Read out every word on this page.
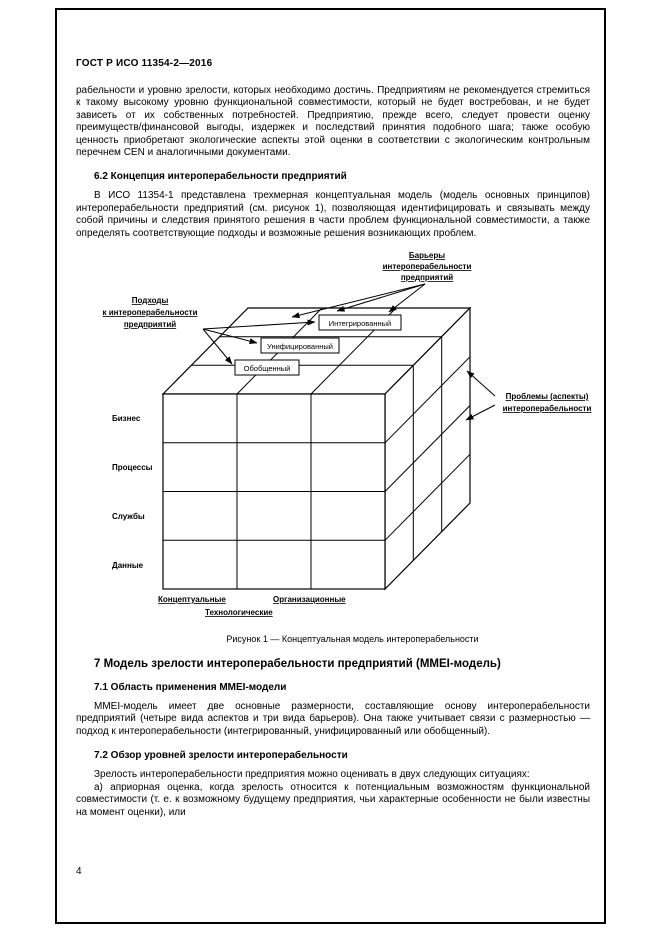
ГОСТ Р ИСО 11354-2—2016

рабельности и уровню зрелости, которых необходимо достичь. Предприятиям не рекомендуется стремиться к такому высокому уровню функциональной совместимости, который не будет востребован, и не будет зависеть от их собственных потребностей. Предприятию, прежде всего, следует провести оценку преимуществ/финансовой выгоды, издержек и последствий принятия подобного шага; также особую ценность приобретают экологические аспекты этой оценки в соответствии с экологическим контрольным перечнем CEN и аналогичными документами.

6.2 Концепция интероперабельности предприятий

В ИСО 11354-1 представлена трехмерная концептуальная модель (модель основных принципов) интероперабельности предприятий (см. рисунок 1), позволяющая идентифицировать и связывать между собой причины и следствия принятого решения в части проблем функциональной совместимости, а также определять соответствующие подходы и возможные решения возникающих проблем.

Обобщенный
Унифицированный
Интегрированный
Бизнес
Процессы
Службы
Данные
Концептуальные	Организационные
Технологические
Барьеры
интероперабельности
предприятий
Подходы
к интероперабельности
предприятий
Проблемы (аспекты)
интероперабельности
Рисунок 1 — Концептуальная модель интероперабельности
7 Модель зрелости интероперабельности предприятий (MMEI-модель)
7.1 Область применения MMEI-модели

MMEI-модель имеет две основные размерности, составляющие основу интероперабельности предприятий (четыре вида аспектов и три вида барьеров). Она также учитывает связи с размерностью — подход к интероперабельности (интегрированный, унифицированный или обобщенный).

7.2 Обзор уровней зрелости интероперабельности

Зрелость интероперабельности предприятия можно оценивать в двух следующих ситуациях:

а) априорная оценка, когда зрелость относится к потенциальным возможностям функциональной совместимости (т. е. к возможному будущему предприятия, чьи характерные особенности не были известны на момент оценки), или

4
